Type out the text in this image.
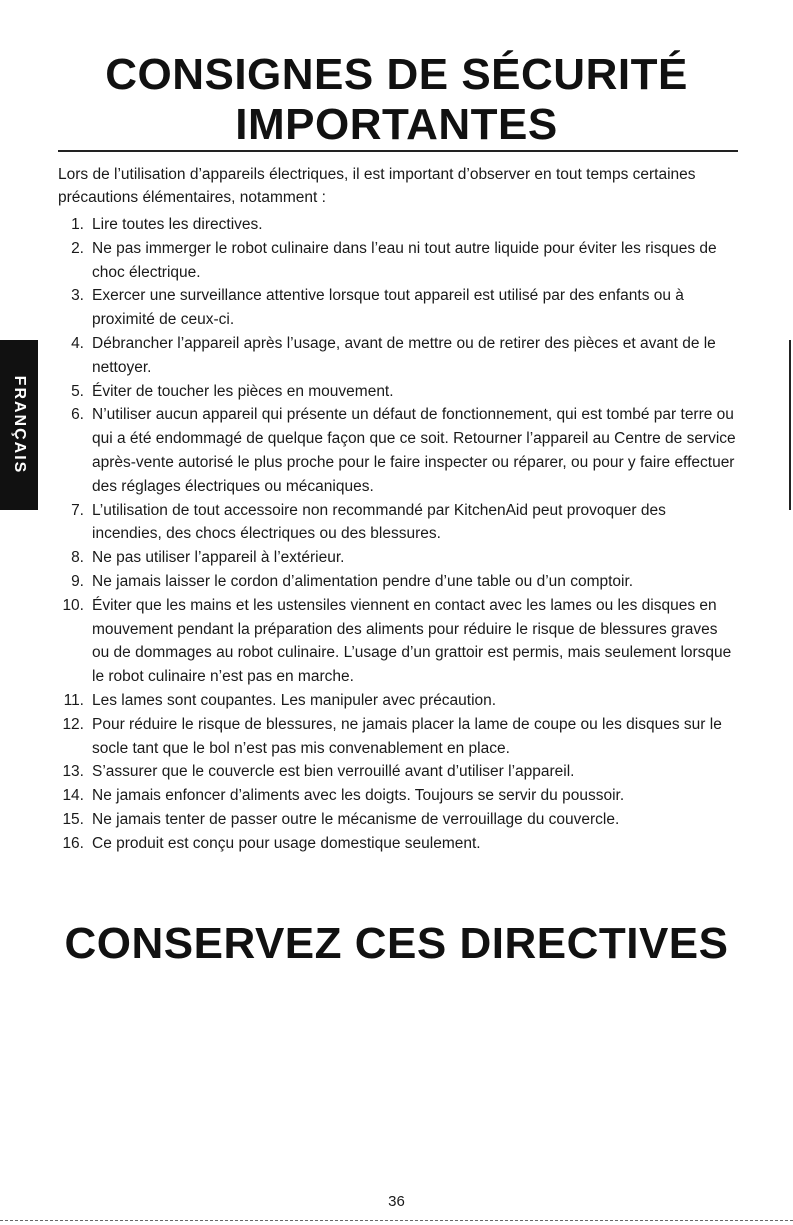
CONSIGNES DE SÉCURITÉ
IMPORTANTES
Lors de l’utilisation d’appareils électriques, il est important d’observer en tout temps certaines précautions élémentaires, notamment :
1. Lire toutes les directives.
2. Ne pas immerger le robot culinaire dans l’eau ni tout autre liquide pour éviter les risques de choc électrique.
3. Exercer une surveillance attentive lorsque tout appareil est utilisé par des enfants ou à proximité de ceux-ci.
4. Débrancher l’appareil après l’usage, avant de mettre ou de retirer des pièces et avant de le nettoyer.
5. Éviter de toucher les pièces en mouvement.
6. N’utiliser aucun appareil qui présente un défaut de fonctionnement, qui est tombé par terre ou qui a été endommagé de quelque façon que ce soit. Retourner l’appareil au Centre de service après-vente autorisé le plus proche pour le faire inspecter ou réparer, ou pour y faire effectuer des réglages électriques ou mécaniques.
7. L’utilisation de tout accessoire non recommandé par KitchenAid peut provoquer des incendies, des chocs électriques ou des blessures.
8. Ne pas utiliser l’appareil à l’extérieur.
9. Ne jamais laisser le cordon d’alimentation pendre d’une table ou d’un comptoir.
10. Éviter que les mains et les ustensiles viennent en contact avec les lames ou les disques en mouvement pendant la préparation des aliments pour réduire le risque de blessures graves ou de dommages au robot culinaire. L’usage d’un grattoir est permis, mais seulement lorsque le robot culinaire n’est pas en marche.
11. Les lames sont coupantes. Les manipuler avec précaution.
12. Pour réduire le risque de blessures, ne jamais placer la lame de coupe ou les disques sur le socle tant que le bol n’est pas mis convenablement en place.
13. S’assurer que le couvercle est bien verrouillé avant d’utiliser l’appareil.
14. Ne jamais enfoncer d’aliments avec les doigts. Toujours se servir du poussoir.
15. Ne jamais tenter de passer outre le mécanisme de verrouillage du couvercle.
16. Ce produit est conçu pour usage domestique seulement.
FRANÇAIS
CONSERVEZ CES DIRECTIVES
36
